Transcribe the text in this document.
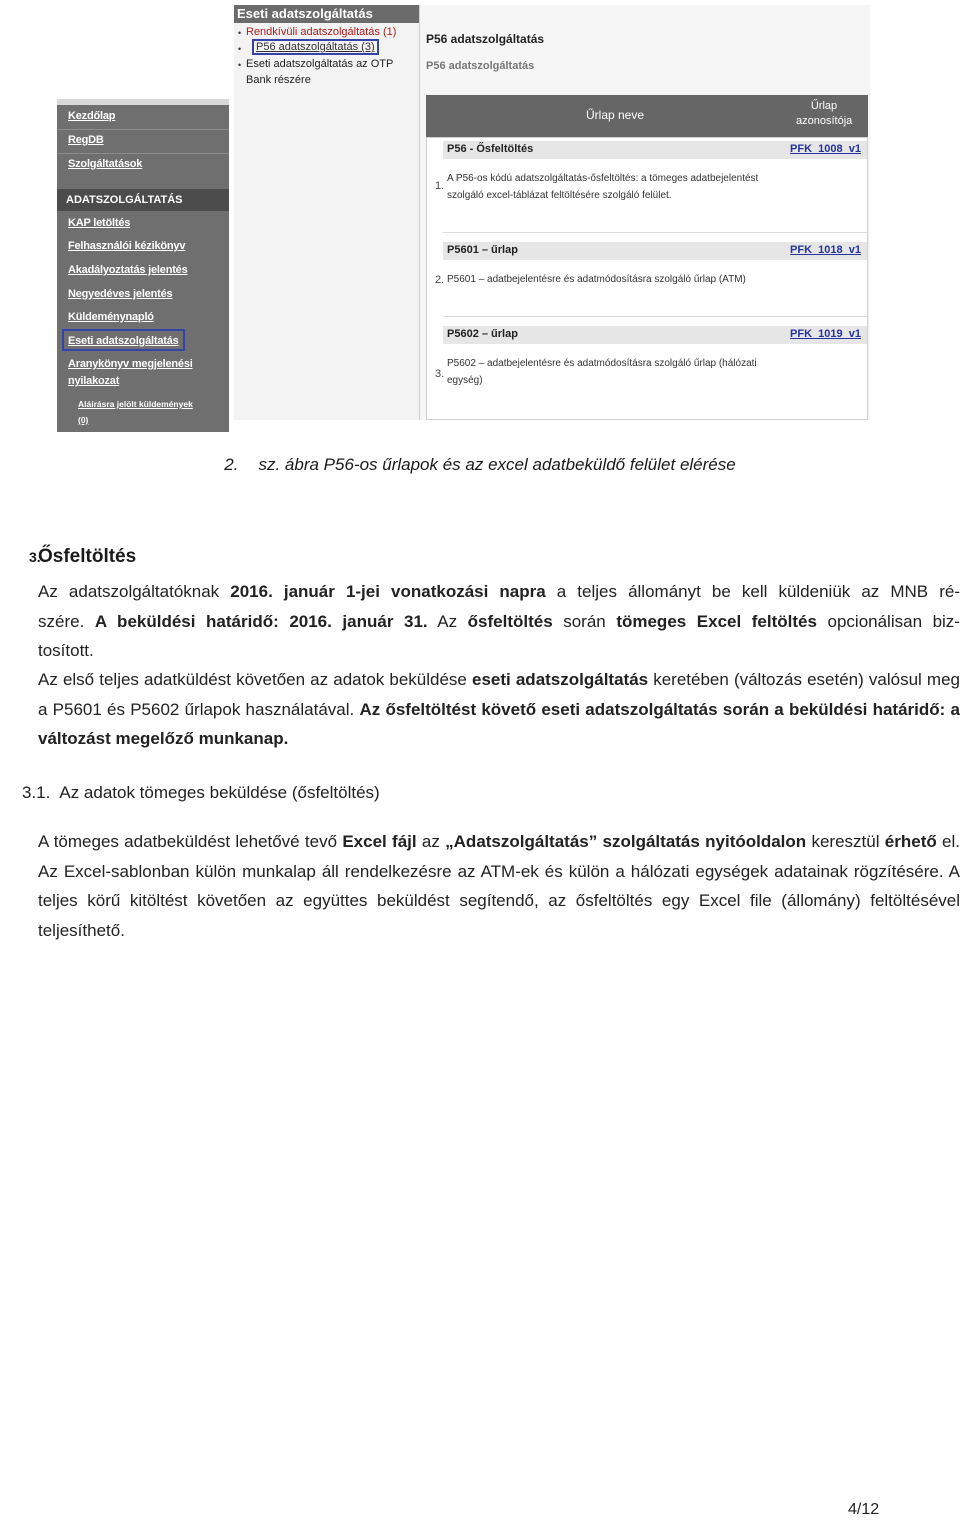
Kezdőlap
RegDB
Szolgáltatások
ADATSZOLGÁLTATÁS
KAP letöltés
Felhasználói kézikönyv
Akadályoztatás jelentés
Negyedéves jelentés
Küldeménynapló
Eseti adatszolgáltatás
Aranykönyv megjelenési
nyilakozat
Aláírásra jelölt küldemények
(0)
Eseti adatszolgáltatás
• Rendkívüli adatszolgáltatás (1)
•	P56 adatszolgáltatás (3)
• Eseti adatszolgáltatás az OTP
Bank részére
P56 adatszolgáltatás
P56 adatszolgáltatás
Űrlap neve
Űrlap
azonosítója
P56 - Ősfeltöltés	PFK_1008_v1
1.
A P56-os kódú adatszolgáltatás-ősfeltöltés: a tömeges adatbejelentést
szolgáló excel-táblázat feltöltésére szolgáló felület.
P5601 – űrlap	PFK_1018_v1
2. P5601 – adatbejelentésre és adatmódosításra szolgáló űrlap (ATM)
P5602 – űrlap	PFK_1019_v1
3.
P5602 – adatbejelentésre és adatmódosításra szolgáló űrlap (hálózati
egység)
2. sz. ábra P56-os űrlapok és az excel adatbeküldő felület elérése
3.
Ősfeltöltés
Az adatszolgáltatóknak 2016. január 1-jei vonatkozási napra a teljes állományt be kell küldeniük az MNB ré-
szére. A beküldési határidő: 2016. január 31. Az ősfeltöltés során tömeges Excel feltöltés opcionálisan biz-
tosított.
Az első teljes adatküldést követően az adatok beküldése eseti adatszolgáltatás keretében (változás esetén) valósul meg a P5601 és P5602 űrlapok használatával. Az ősfeltöltést követő eseti adatszolgáltatás során a beküldési határidő: a változást megelőző munkanap.
3.1. Az adatok tömeges beküldése (ősfeltöltés)
A tömeges adatbeküldést lehetővé tevő Excel fájl az „Adatszolgáltatás” szolgáltatás nyitóoldalon keresztül érhető el. Az Excel-sablonban külön munkalap áll rendelkezésre az ATM-ek és külön a hálózati egységek adatainak rögzítésére. A teljes körű kitöltést követően az együttes beküldést segítendő, az ősfeltöltés egy Excel file (állomány) feltöltésével teljesíthető.
4/12
